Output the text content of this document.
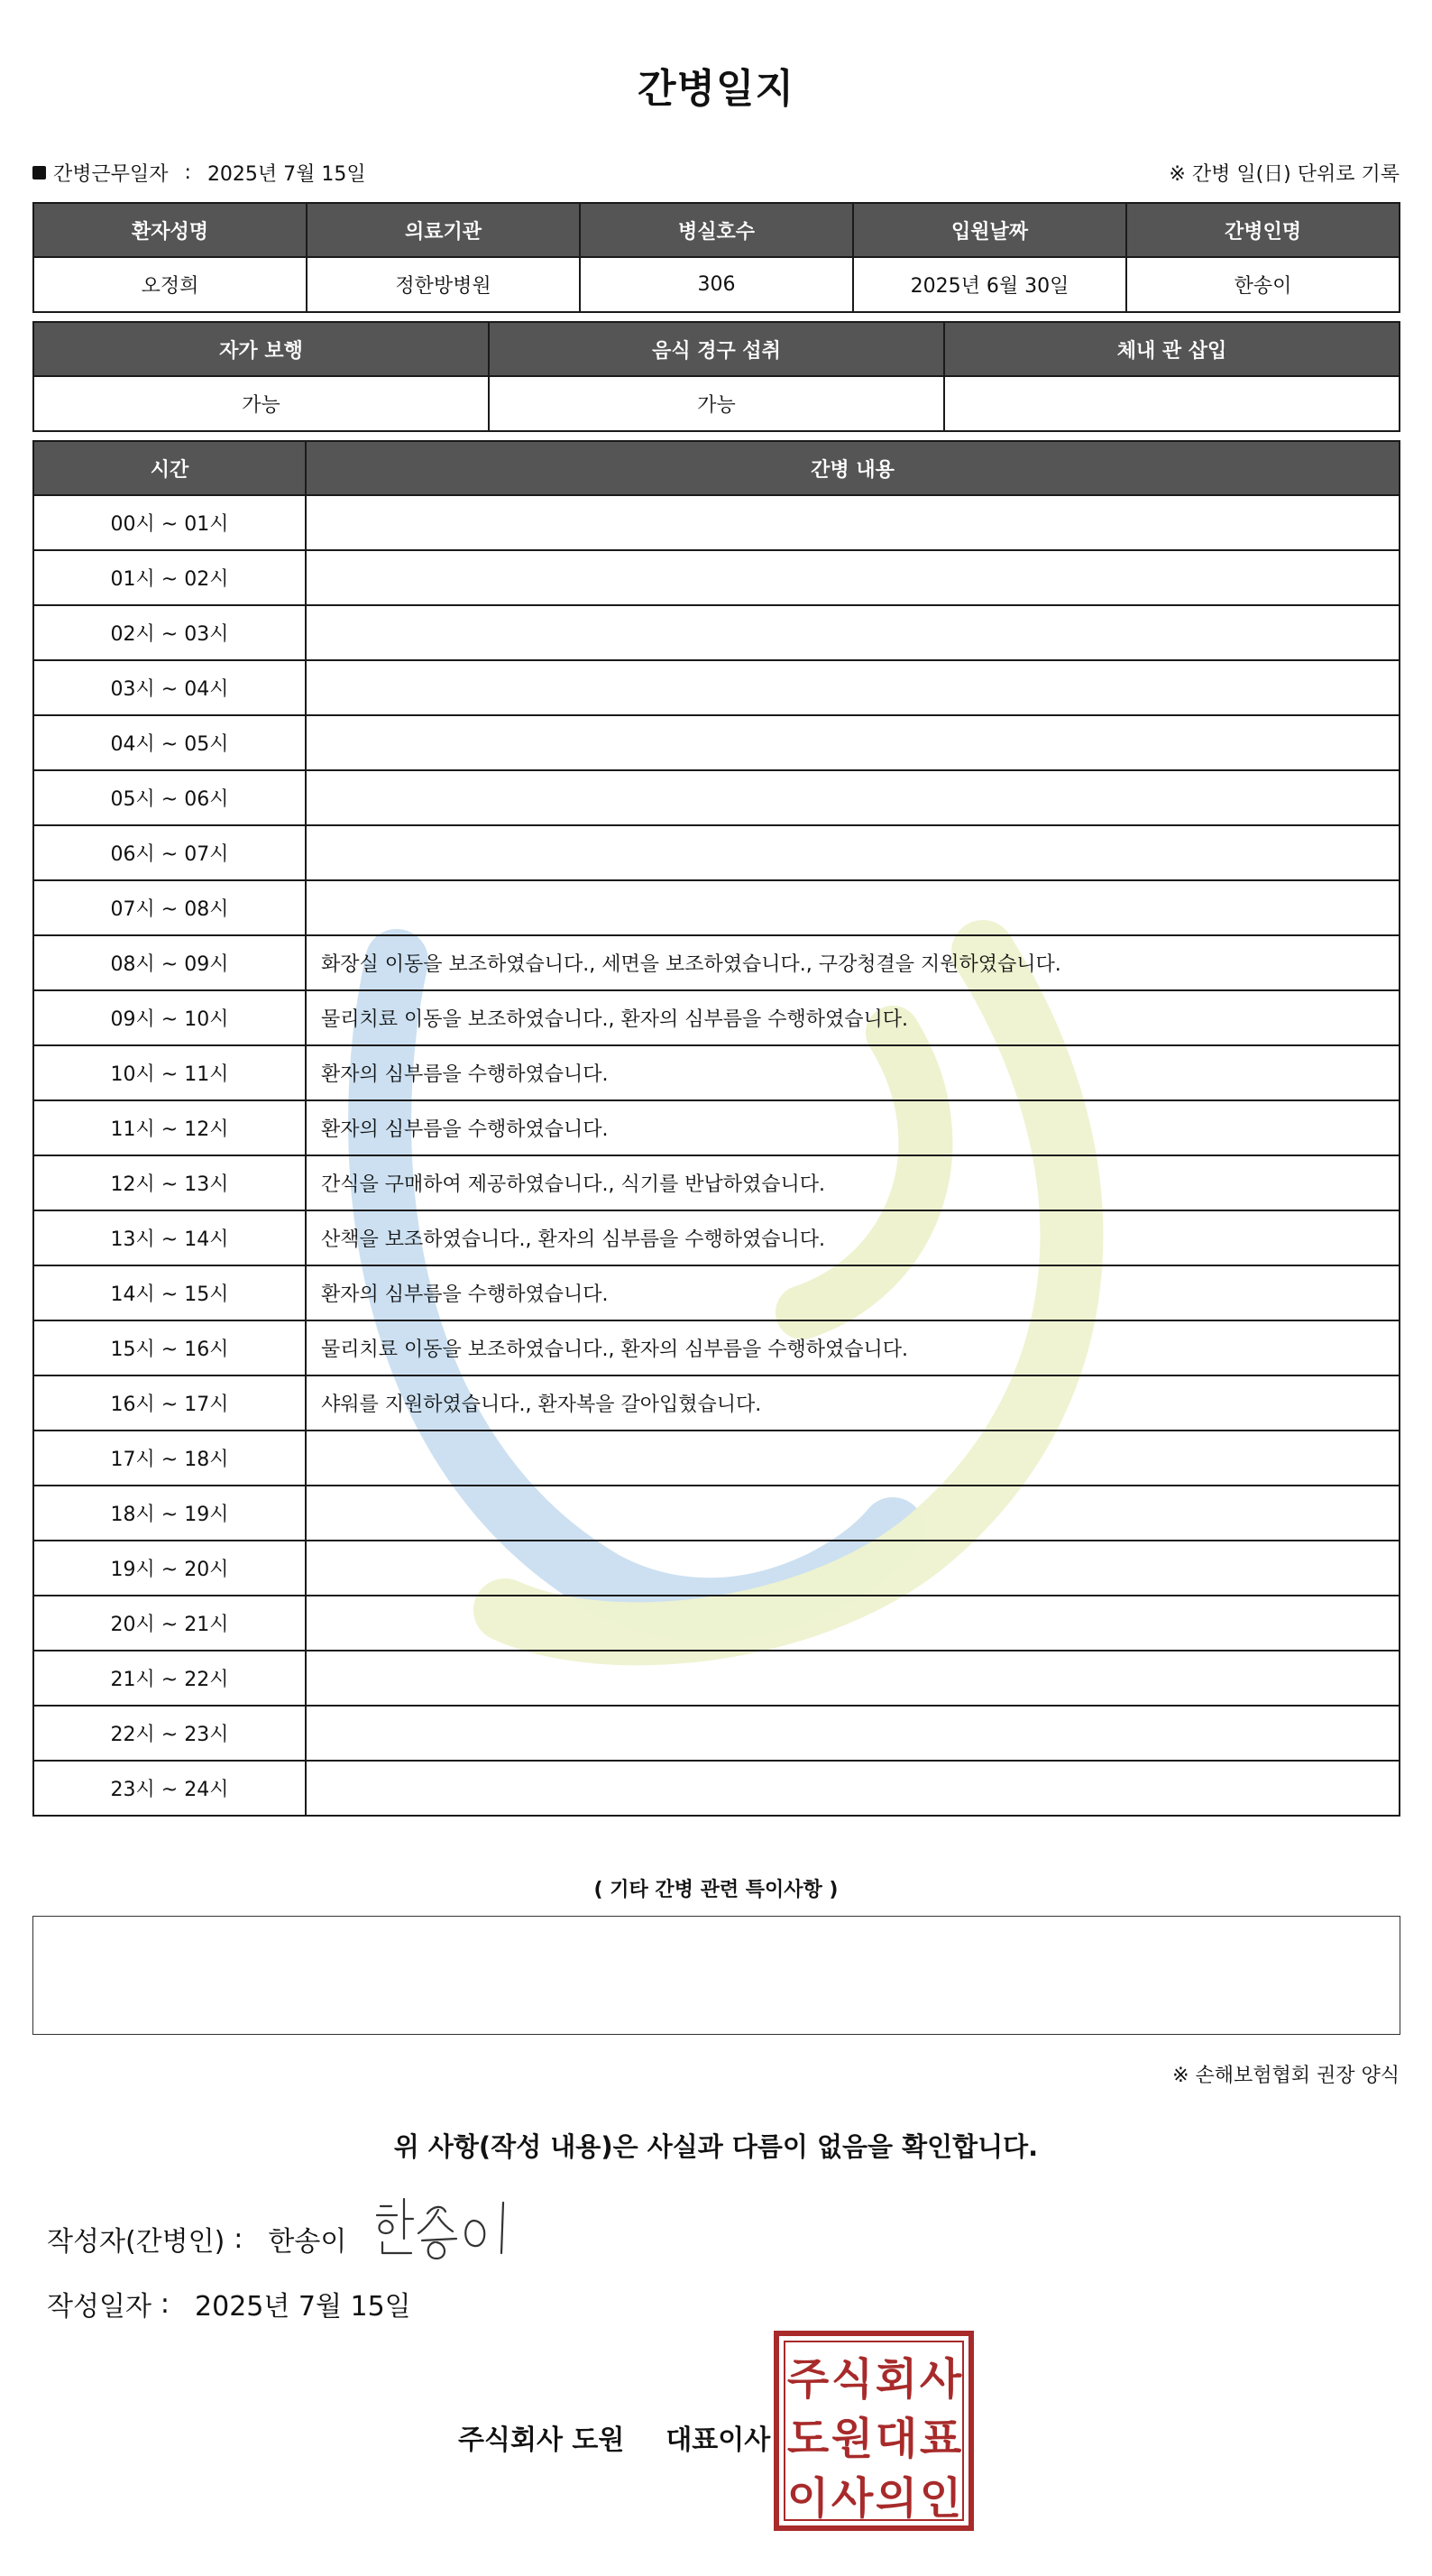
간병일지
간병근무일자 : 2025년 7월 15일	※ 간병 일(日) 단위로 기록
환자성명	의료기관	병실호수	입원날짜	간병인명
오정희	정한방병원	306	2025년 6월 30일	한송이
자가 보행	음식 경구 섭취	체내 관 삽입
가능	가능	
시간	간병 내용
00시 ~ 01시	
01시 ~ 02시	
02시 ~ 03시	
03시 ~ 04시	
04시 ~ 05시	
05시 ~ 06시	
06시 ~ 07시	
07시 ~ 08시	
08시 ~ 09시	화장실 이동을 보조하였습니다., 세면을 보조하였습니다., 구강청결을 지원하였습니다.
09시 ~ 10시	물리치료 이동을 보조하였습니다., 환자의 심부름을 수행하였습니다.
10시 ~ 11시	환자의 심부름을 수행하였습니다.
11시 ~ 12시	환자의 심부름을 수행하였습니다.
12시 ~ 13시	간식을 구매하여 제공하였습니다., 식기를 반납하였습니다.
13시 ~ 14시	산책을 보조하였습니다., 환자의 심부름을 수행하였습니다.
14시 ~ 15시	환자의 심부름을 수행하였습니다.
15시 ~ 16시	물리치료 이동을 보조하였습니다., 환자의 심부름을 수행하였습니다.
16시 ~ 17시	샤워를 지원하였습니다., 환자복을 갈아입혔습니다.
17시 ~ 18시	
18시 ~ 19시	
19시 ~ 20시	
20시 ~ 21시	
21시 ~ 22시	
22시 ~ 23시	
23시 ~ 24시	
( 기타 간병 관련 특이사항 )
※ 손해보험협회 권장 양식
위 사항(작성 내용)은 사실과 다름이 없음을 확인합니다.
작성자(간병인) : 한송이
작성일자 : 2025년 7월 15일
주식회사 도원 대표이사
주 식 회 사
도 원 대 표
이 사 의 인
